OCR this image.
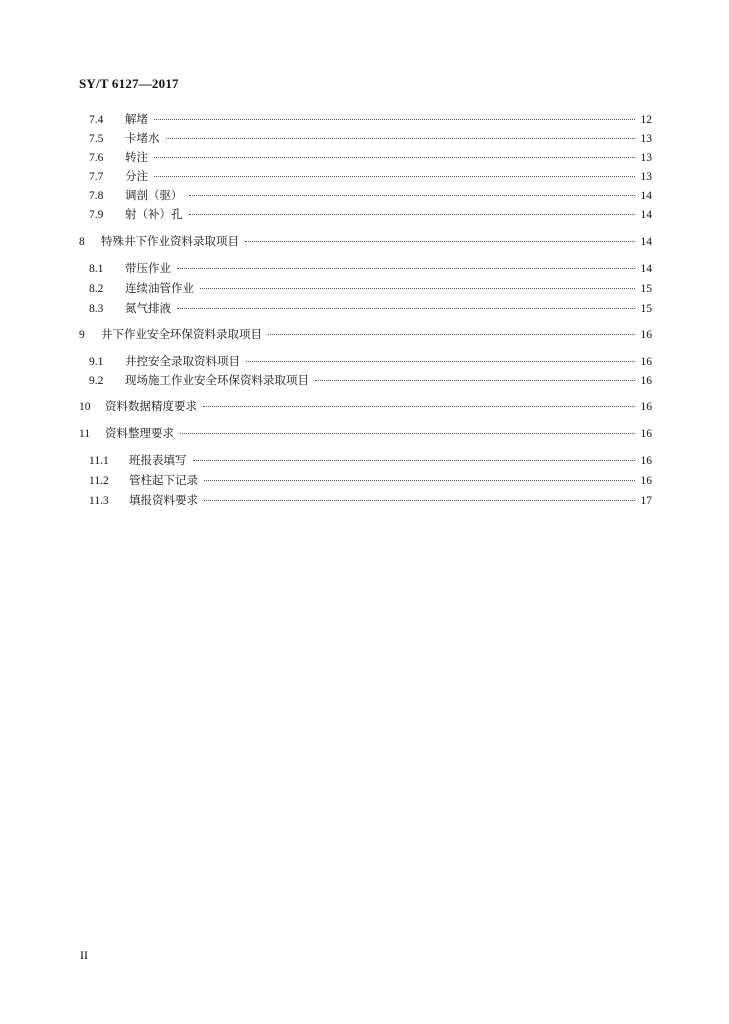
SY/T 6127—2017
7.4	解堵	12
7.5	卡堵水	13
7.6	转注	13
7.7	分注	13
7.8	调剖（驱）	14
7.9	射（补）孔	14
8	特殊井下作业资料录取项目	14
8.1	带压作业	14
8.2	连续油管作业	15
8.3	氮气排液	15
9	井下作业安全环保资料录取项目	16
9.1	井控安全录取资料项目	16
9.2	现场施工作业安全环保资料录取项目	16
10	资料数据精度要求	16
11	资料整理要求	16
11.1	班报表填写	16
11.2	管柱起下记录	16
11.3	填报资料要求	17
II
